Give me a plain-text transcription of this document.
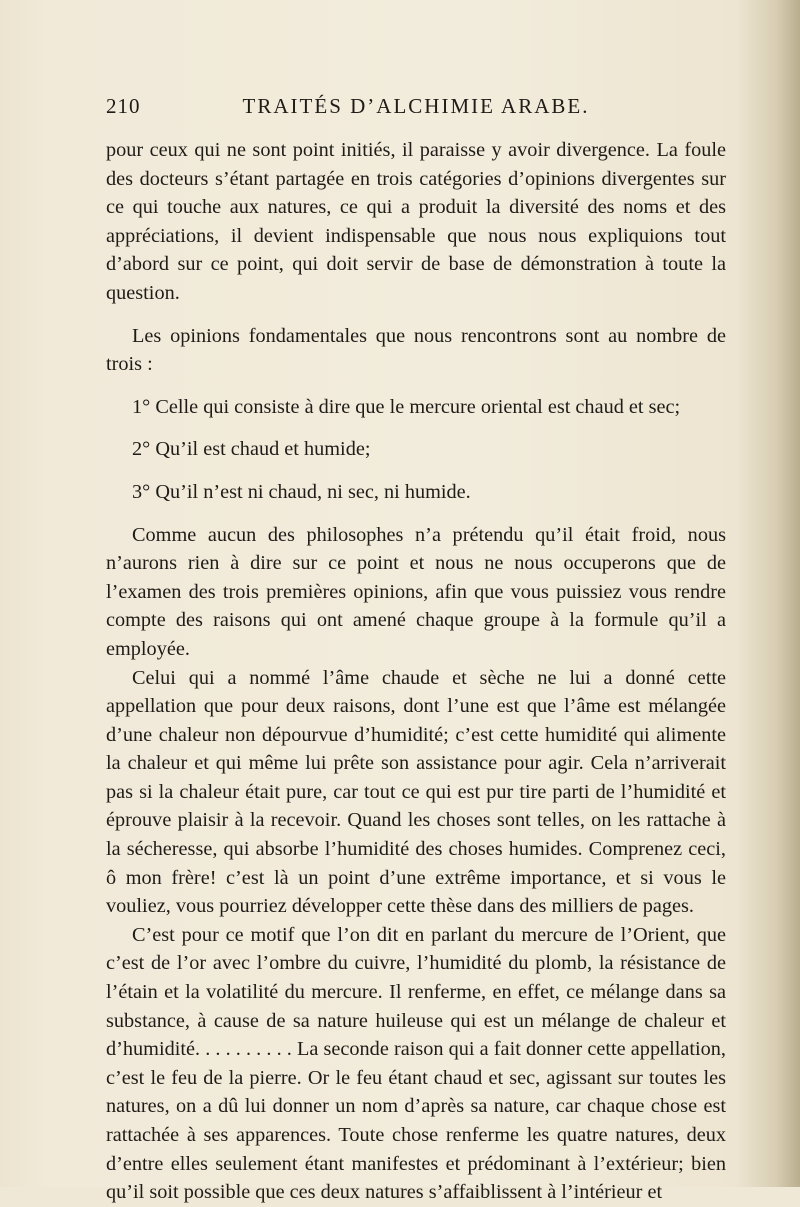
210	TRAITÉS D’ALCHIMIE ARABE.

pour ceux qui ne sont point initiés, il paraisse y avoir divergence. La foule des docteurs s’étant partagée en trois catégories d’opinions divergentes sur ce qui touche aux natures, ce qui a produit la diversité des noms et des appréciations, il devient indispensable que nous nous expliquions tout d’abord sur ce point, qui doit servir de base de démonstration à toute la question.

Les opinions fondamentales que nous rencontrons sont au nombre de trois :

1° Celle qui consiste à dire que le mercure oriental est chaud et sec;

2° Qu’il est chaud et humide;

3° Qu’il n’est ni chaud, ni sec, ni humide.

Comme aucun des philosophes n’a prétendu qu’il était froid, nous n’aurons rien à dire sur ce point et nous ne nous occuperons que de l’examen des trois premières opinions, afin que vous puissiez vous rendre compte des raisons qui ont amené chaque groupe à la formule qu’il a employée.

Celui qui a nommé l’âme chaude et sèche ne lui a donné cette appellation que pour deux raisons, dont l’une est que l’âme est mélangée d’une chaleur non dépourvue d’humidité; c’est cette humidité qui alimente la chaleur et qui même lui prête son assistance pour agir. Cela n’arriverait pas si la chaleur était pure, car tout ce qui est pur tire parti de l’humidité et éprouve plaisir à la recevoir. Quand les choses sont telles, on les rattache à la sécheresse, qui absorbe l’humidité des choses humides. Comprenez ceci, ô mon frère! c’est là un point d’une extrême importance, et si vous le vouliez, vous pourriez développer cette thèse dans des milliers de pages.

C’est pour ce motif que l’on dit en parlant du mercure de l’Orient, que c’est de l’or avec l’ombre du cuivre, l’humidité du plomb, la résistance de l’étain et la volatilité du mercure. Il renferme, en effet, ce mélange dans sa substance, à cause de sa nature huileuse qui est un mélange de chaleur et d’humidité. . . . . . . . . . La seconde raison qui a fait donner cette appellation, c’est le feu de la pierre. Or le feu étant chaud et sec, agissant sur toutes les natures, on a dû lui donner un nom d’après sa nature, car chaque chose est rattachée à ses apparences. Toute chose renferme les quatre natures, deux d’entre elles seulement étant manifestes et prédominant à l’extérieur; bien qu’il soit possible que ces deux natures s’affaiblissent à l’intérieur et
